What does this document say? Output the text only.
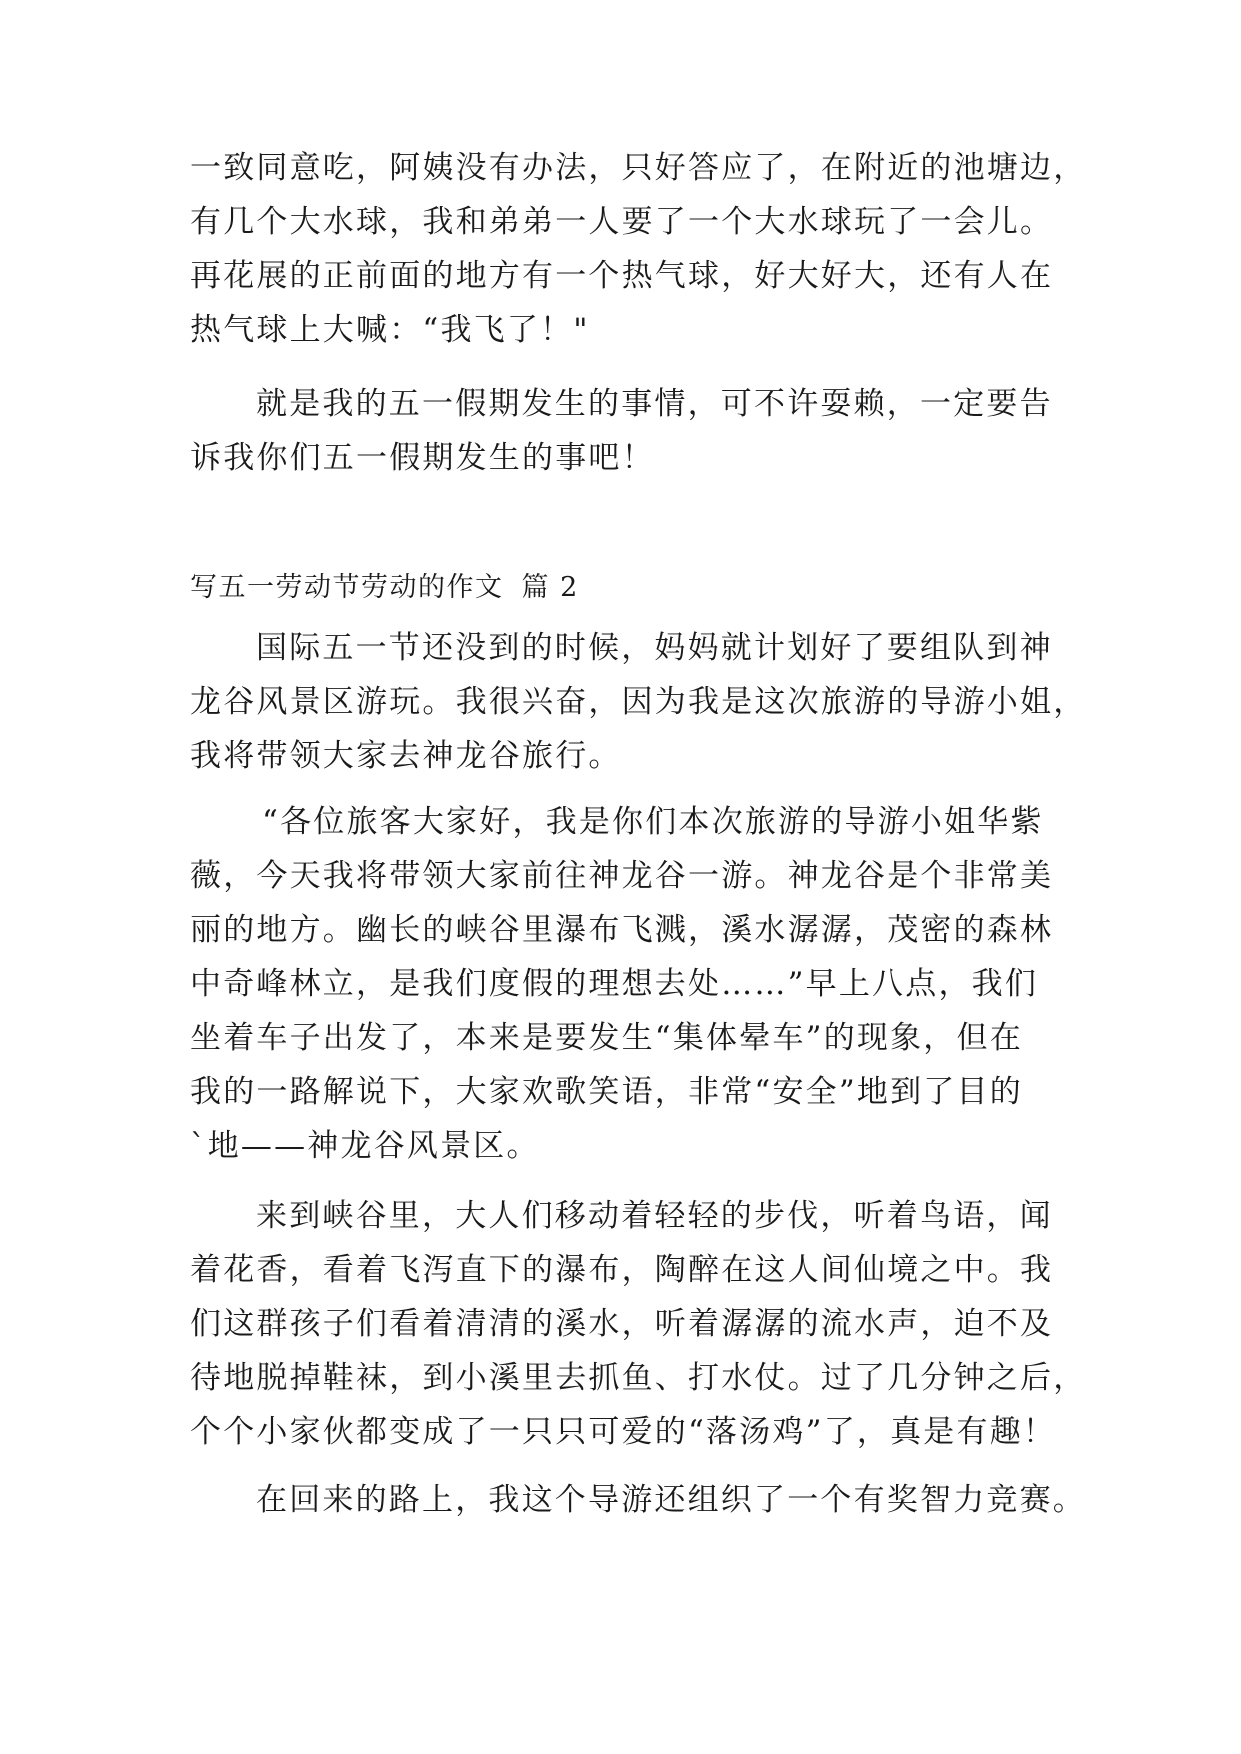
一致同意吃，阿姨没有办法，只好答应了，在附近的池塘边，
有几个大水球，我和弟弟一人要了一个大水球玩了一会儿。
再花展的正前面的地方有一个热气球，好大好大，还有人在
热气球上大喊：“我飞了！"
就是我的五一假期发生的事情，可不许耍赖，一定要告
诉我你们五一假期发生的事吧！
写五一劳动节劳动的作文 篇 2
国际五一节还没到的时候，妈妈就计划好了要组队到神
龙谷风景区游玩。我很兴奋，因为我是这次旅游的导游小姐，
我将带领大家去神龙谷旅行。
“各位旅客大家好，我是你们本次旅游的导游小姐华紫
薇，今天我将带领大家前往神龙谷一游。神龙谷是个非常美
丽的地方。幽长的峡谷里瀑布飞溅，溪水潺潺，茂密的森林
中奇峰林立，是我们度假的理想去处……”早上八点，我们
坐着车子出发了，本来是要发生“集体晕车”的现象，但在
我的一路解说下，大家欢歌笑语，非常“安全”地到了目的
`地——神龙谷风景区。
来到峡谷里，大人们移动着轻轻的步伐，听着鸟语，闻
着花香，看着飞泻直下的瀑布，陶醉在这人间仙境之中。我
们这群孩子们看着清清的溪水，听着潺潺的流水声，迫不及
待地脱掉鞋袜，到小溪里去抓鱼、打水仗。过了几分钟之后，
个个小家伙都变成了一只只可爱的“落汤鸡”了，真是有趣！
在回来的路上，我这个导游还组织了一个有奖智力竞赛。
